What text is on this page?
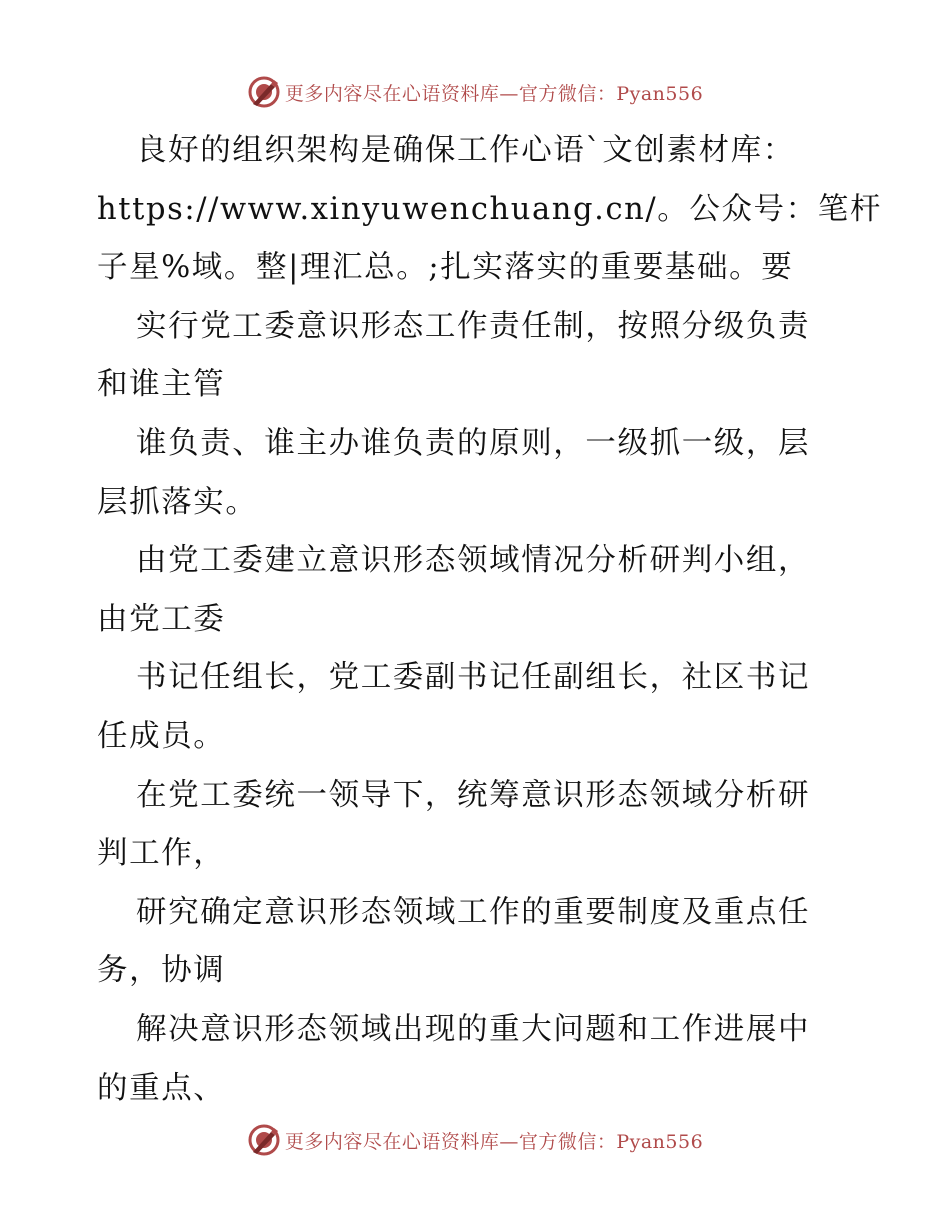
更多内容尽在心语资料库—官方微信：Pyan556
良好的组织架构是确保工作心语`文创素材库：
https://www.xinyuwenchuang.cn/。公众号：笔杆
子星%域。整|理汇总。;扎实落实的重要基础。要
实行党工委意识形态工作责任制，按照分级负责
和谁主管
谁负责、谁主办谁负责的原则，一级抓一级，层
层抓落实。
由党工委建立意识形态领域情况分析研判小组，
由党工委
书记任组长，党工委副书记任副组长，社区书记
任成员。
在党工委统一领导下，统筹意识形态领域分析研
判工作，
研究确定意识形态领域工作的重要制度及重点任
务，协调
解决意识形态领域出现的重大问题和工作进展中
的重点、
更多内容尽在心语资料库—官方微信：Pyan556
